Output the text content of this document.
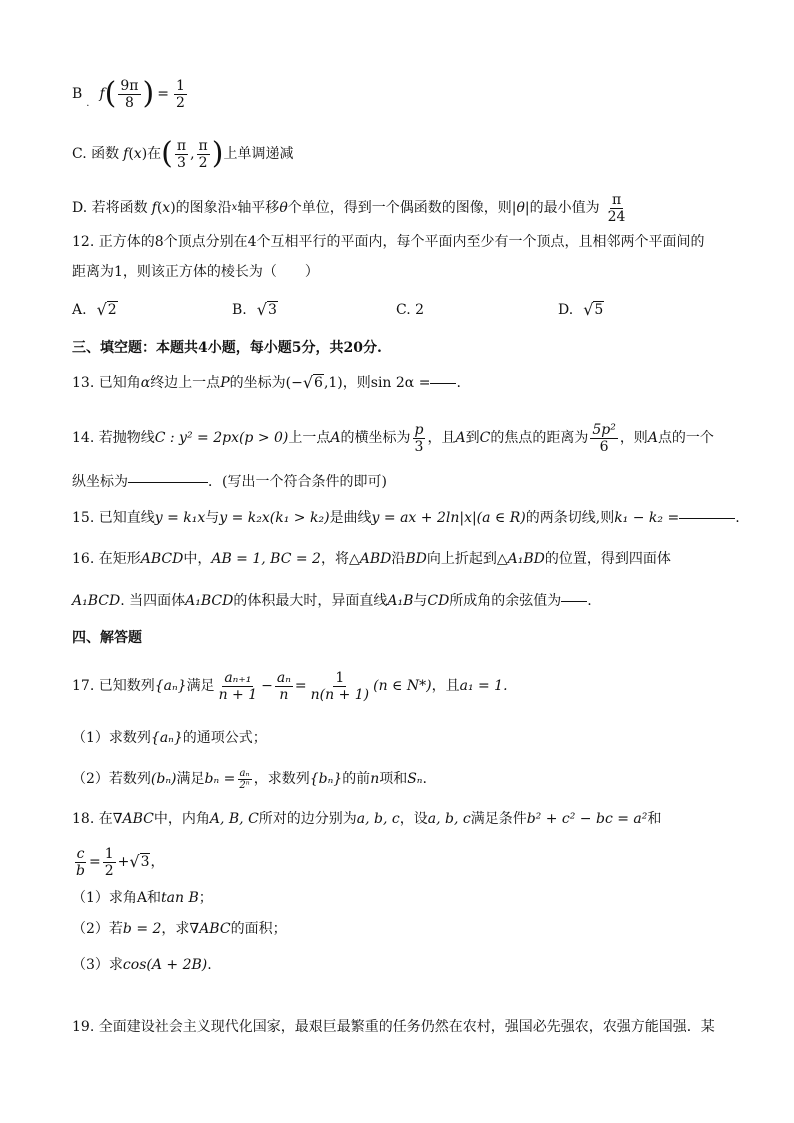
B
.
f ( $\frac{9\pi}{8}$ ) = $\frac{1}{2}$
C. 函数 f ( x ) 在 ( $\frac{\pi}{3}$ , $\frac{\pi}{2}$ ) 上单调递减
D. 若将函数 f ( x ) 的图象沿 x 轴平移 θ 个单位，得到一个偶函数的图像，则 | θ | 的最小值为 $\frac{\pi}{24}$
12. 正方体的8个顶点分别在4个互相平行的平面内，每个平面内至少有一个顶点，且相邻两个平面间的
距离为1，则该正方体的棱长为（　　）
A. √ 2	B. √ 3	C. 2	D. √ 5
三、填空题：本题共4小题，每小题5分，共20分.
13. 已知角 α 终边上一点 P 的坐标为 (− √ 6 ,1) ，则 sin 2α = .
14. 若抛物线 C : y² = 2px(p > 0) 上一点 A 的横坐标为 $\frac{p}{3}$ ，且 A 到 C 的焦点的距离为 $\frac{\text{5p²}}{6}$ ，则 A 点的一个
纵坐标为	．(写出一个符合条件的即可)
15. 已知直线 y = k₁x 与 y = k₂x(k₁ > k₂) 是曲线 y = ax + 2ln|x|(a ∈ R) 的两条切线,则 k₁ − k₂ =	.
16. 在矩形 ABCD 中， AB = 1, BC = 2 ，将 △ABD 沿 BD 向上折起到 △A₁BD 的位置，得到四面体
A₁BCD . 当四面体 A₁BCD 的体积最大时，异面直线 A₁B 与 CD 所成角的余弦值为 .
四、解答题
17. 已知数列 {aₙ} 满足 $\frac{\text{aₙ₊₁}}{n + 1} - \frac{\text{aₙ}}{n} = \frac{1}{n(n + 1)} (n$ ∈ N*) ，且 a₁ = 1.
（1）求数列 {aₙ} 的通项公式；
（2）若数列 (bₙ) 满足 $b_n = \frac{\text{aₙ}}{\text{2ⁿ}}$ ，求数列 {bₙ} 的前 n 项和 Sₙ .
18. 在 ∇ABC 中，内角 A, B, C 所对的边分别为 a, b, c ，设 a, b, c 满足条件 b² + c² − bc = a² 和
$\frac{c}{b} = \frac{1}{2}$ + √ 3 ，
（1）求角A和 tan B ；
（2）若 b = 2 ，求 ∇ABC 的面积；
（3）求 cos(A + 2B) .
19. 全面建设社会主义现代化国家，最艰巨最繁重的任务仍然在农村，强国必先强农，农强方能国强．某
